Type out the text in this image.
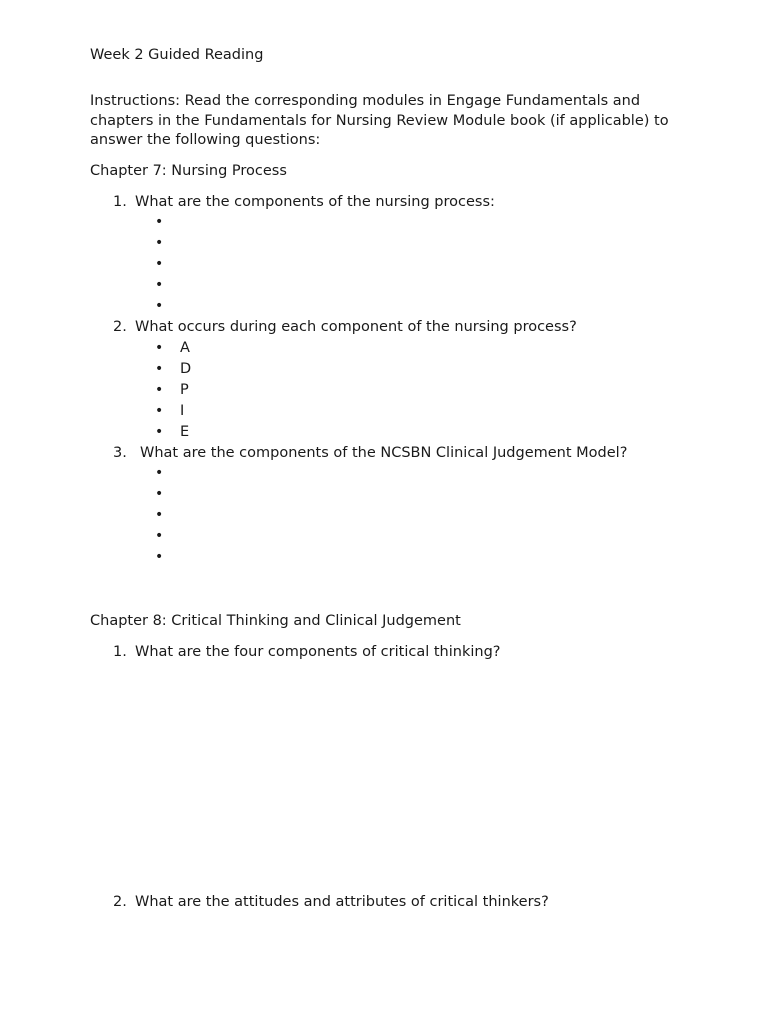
Week 2 Guided Reading
Instructions: Read the corresponding modules in Engage Fundamentals and chapters in the Fundamentals for Nursing Review Module book (if applicable) to answer the following questions:
Chapter 7: Nursing Process
1. What are the components of the nursing process:
•
•
•
•
•
2. What occurs during each component of the nursing process?
• A
• D
• P
• I
• E
3. What are the components of the NCSBN Clinical Judgement Model?
•
•
•
•
•
Chapter 8: Critical Thinking and Clinical Judgement
1. What are the four components of critical thinking?
2. What are the attitudes and attributes of critical thinkers?
